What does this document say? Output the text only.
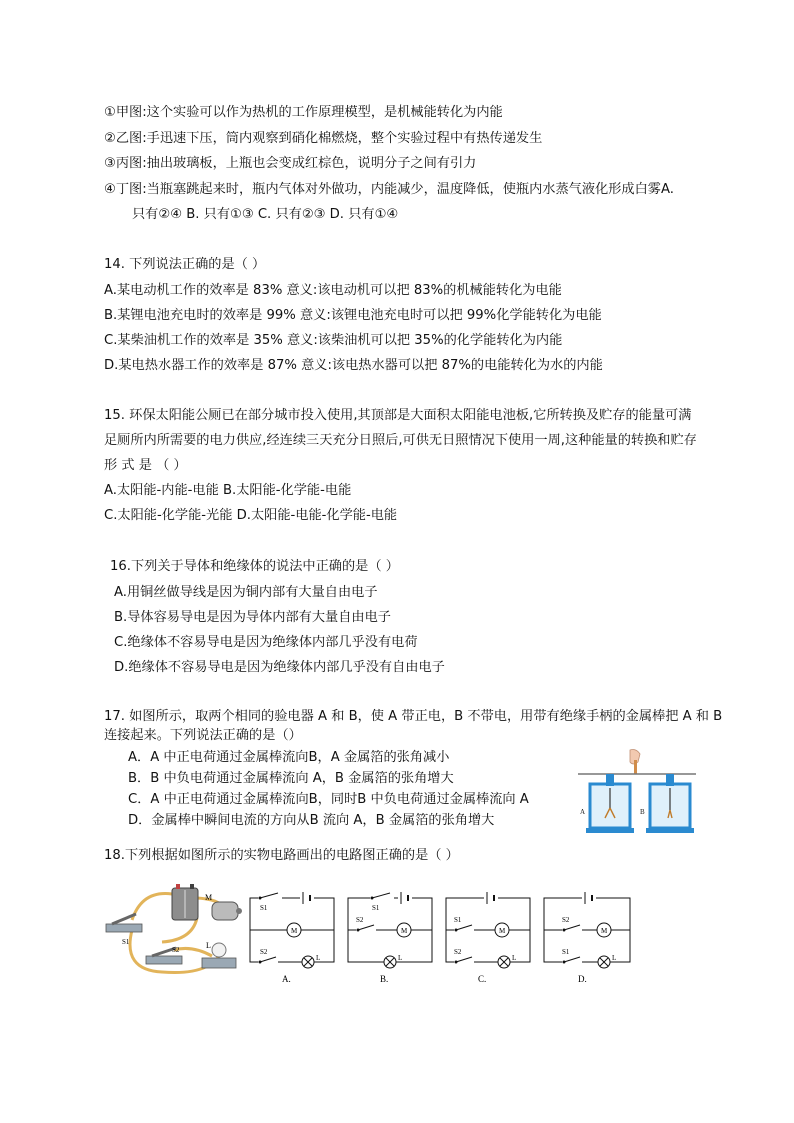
①甲图:这个实验可以作为热机的工作原理模型，是机械能转化为内能
②乙图:手迅速下压，筒内观察到硝化棉燃烧，整个实验过程中有热传递发生
③丙图:抽出玻璃板，上瓶也会变成红棕色，说明分子之间有引力
④丁图:当瓶塞跳起来时，瓶内气体对外做功，内能减少，温度降低，使瓶内水蒸气液化形成白雾A.
只有②④ B. 只有①③ C. 只有②③ D. 只有①④
14. 下列说法正确的是（ ）
A.某电动机工作的效率是 83% 意义:该电动机可以把 83%的机械能转化为电能
B.某锂电池充电时的效率是 99% 意义:该锂电池充电时可以把 99%化学能转化为电能
C.某柴油机工作的效率是 35% 意义:该柴油机可以把 35%的化学能转化为内能
D.某电热水器工作的效率是 87% 意义:该电热水器可以把 87%的电能转化为水的内能
15. 环保太阳能公厕已在部分城市投入使用,其顶部是大面积太阳能电池板,它所转换及贮存的能量可满
足厕所内所需要的电力供应,经连续三天充分日照后,可供无日照情况下使用一周,这种能量的转换和贮存
形 式 是 （ ）
A.太阳能-内能-电能 B.太阳能-化学能-电能
C.太阳能-化学能-光能 D.太阳能-电能-化学能-电能
16.下列关于导体和绝缘体的说法中正确的是（ ）
A.用铜丝做导线是因为铜内部有大量自由电子
B.导体容易导电是因为导体内部有大量自由电子
C.绝缘体不容易导电是因为绝缘体内部几乎没有电荷
D.绝缘体不容易导电是因为绝缘体内部几乎没有自由电子
17. 如图所示，取两个相同的验电器 A 和 B，使 A 带正电，B 不带电，用带有绝缘手柄的金属棒把 A 和 B
连接起来。下列说法正确的是（）
A．A 中正电荷通过金属棒流向B，A 金属箔的张角减小
B．B 中负电荷通过金属棒流向 A，B 金属箔的张角增大
C．A 中正电荷通过金属棒流向B，同时B 中负电荷通过金属棒流向 A
D．金属棒中瞬间电流的方向从B 流向 A，B 金属箔的张角增大
A	B
18.下列根据如图所示的实物电路画出的电路图正确的是（ ）
M
S1
S2	L
S1
M
S2
L
A.
S1
S2
M
L
B.
S1
M
S2
L
C.
S2
M
S1
L
D.
